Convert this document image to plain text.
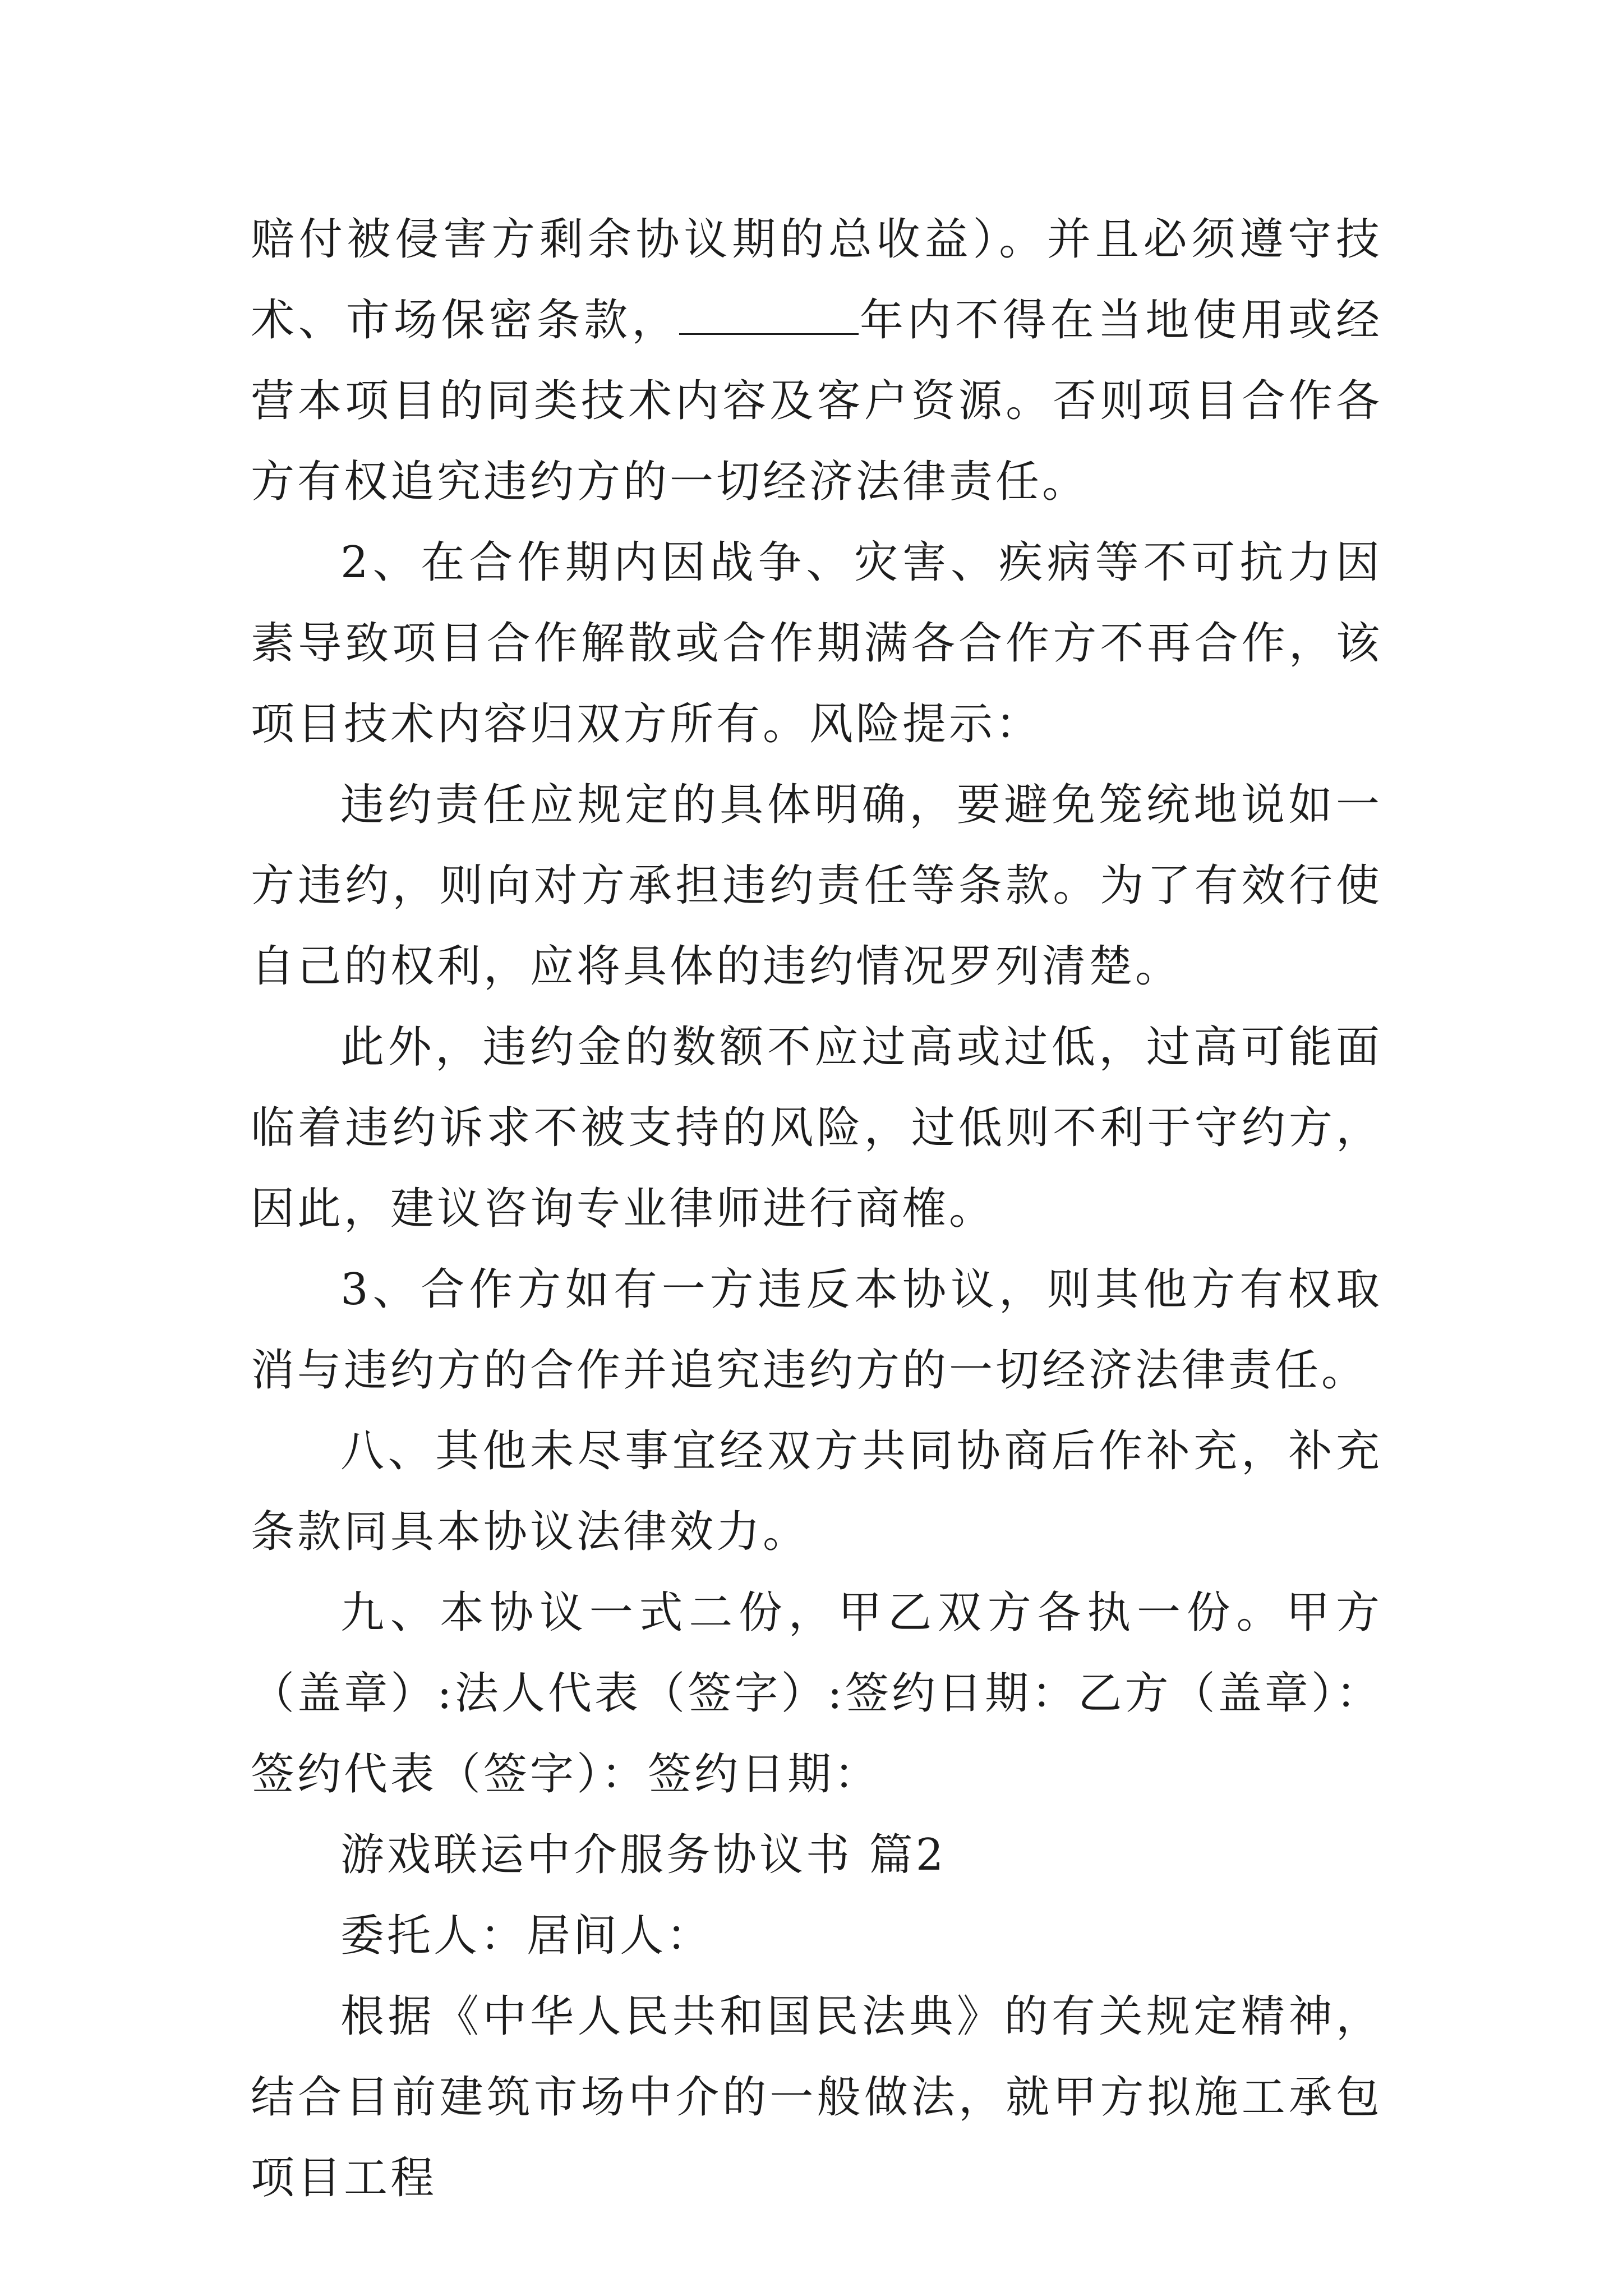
赔付被侵害方剩余协议期的总收益）。并且必须遵守技术、市场保密条款，	年内不得在当地使用或经营本项目的同类技术内容及客户资源。否则项目合作各方有权追究违约方的一切经济法律责任。

2、在合作期内因战争、灾害、疾病等不可抗力因素导致项目合作解散或合作期满各合作方不再合作，该项目技术内容归双方所有。风险提示：

违约责任应规定的具体明确，要避免笼统地说如一方违约，则向对方承担违约责任等条款。为了有效行使自己的权利，应将具体的违约情况罗列清楚。

此外，违约金的数额不应过高或过低，过高可能面临着违约诉求不被支持的风险，过低则不利于守约方，因此，建议咨询专业律师进行商榷。

3、合作方如有一方违反本协议，则其他方有权取消与违约方的合作并追究违约方的一切经济法律责任。

八、其他未尽事宜经双方共同协商后作补充，补充条款同具本协议法律效力。

九、本协议一式二份，甲乙双方各执一份。甲方（盖章）:法人代表（签字）:签约日期：乙方（盖章）：签约代表（签字）：签约日期：

游戏联运中介服务协议书 篇2

委托人：居间人：

根据《中华人民共和国民法典》的有关规定精神，结合目前建筑市场中介的一般做法，就甲方拟施工承包项目工程
